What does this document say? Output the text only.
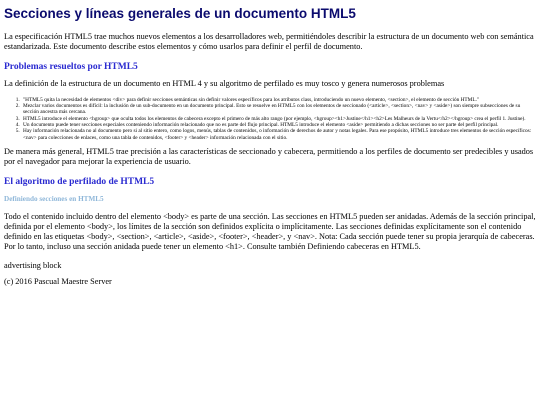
Secciones y líneas generales de un documento HTML5

La especificación HTML5 trae muchos nuevos elementos a los desarrolladores web, permitiéndoles describir la estructura de un documento web con semántica estandarizada. Este documento describe estos elementos y cómo usarlos para definir el perfil de documento.

Problemas resueltos por HTML5

La definición de la estructura de un documento en HTML 4 y su algoritmo de perfilado es muy tosco y genera numerosos problemas

1. "HTML5 quita la necesidad de elementos <div> para definir secciones semánticas sin definir valores específicos para los atributos class, introduciendo un nuevo elemento, <section>, el elemento de sección HTML."
2. Mezclar varios documentos es difícil: la inclusión de un sub-documento en un documento principal. Esto se resuelve en HTML5 con los elementos de seccionado (<article>, <section>, <nav> y <aside>) son siempre subsecciones de su sección ancestra más cercana.
3. HTML5 introduce el elemento <hgroup> que oculta todos los elementos de cabecera excepto el primero de más alto rango (por ejemplo, <hgroup><h1>Justine</h1><h2>Les Malheurs de la Vertu</h2></hgroup> crea el perfil 1. Justine).
4. Un documento puede tener secciones especiales conteniendo información relacionado que no es parte del flujo principal. HTML5 introduce el elemento <aside> permitiendo a dichas secciones no ser parte del perfil principal.
5. Hay información relacionada no al documento pero si al sitio entero, como logos, menús, tablas de contenidos, o información de derechos de autor y notas legales. Para ese propósito, HTML5 introduce tres elementos de sección específicos: <nav> para colecciones de enlaces, como una tabla de contenidos, <footer> y <header> información relacionada con el sitio.

De manera más general, HTML5 trae precisión a las características de seccionado y cabecera, permitiendo a los perfiles de documento ser predecibles y usados por el navegador para mejorar la experiencia de usuario.

El algoritmo de perfilado de HTML5
Definiendo secciones en HTML5

Todo el contenido incluido dentro del elemento <body> es parte de una sección. Las secciones en HTML5 pueden ser anidadas. Además de la sección principal, definida por el elemento <body>, los límites de la sección son definidos explícita o implícitamente. Las secciones definidas explícitamente son el contenido definido en las etiquetas <body>, <section>, <article>, <aside>, <footer>, <header>, y <nav>. Nota: Cada sección puede tener su propia jerarquía de cabeceras. Por lo tanto, incluso una sección anidada puede tener un elemento <h1>. Consulte también Definiendo cabeceras en HTML5.

advertising block

(c) 2016 Pascual Maestre Server
